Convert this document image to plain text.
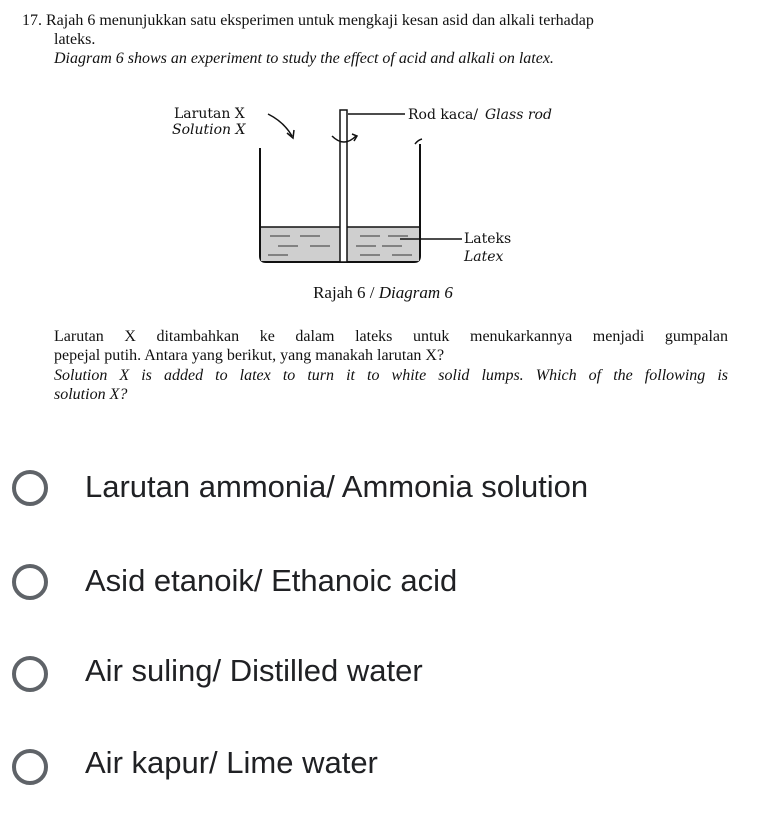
17. Rajah 6 menunjukkan satu eksperimen untuk mengkaji kesan asid dan alkali terhadap
lateks.
Diagram 6 shows an experiment to study the effect of acid and alkali on latex.
Larutan X
Solution X
Rod kaca/ Glass rod
Lateks
Latex
Rajah 6 / Diagram 6
Larutan X ditambahkan ke dalam lateks untuk menukarkannya menjadi gumpalan
pepejal putih. Antara yang berikut, yang manakah larutan X?
Solution X is added to latex to turn it to white solid lumps. Which of the following is
solution X?
Larutan ammonia/ Ammonia solution
Asid etanoik/ Ethanoic acid
Air suling/ Distilled water
Air kapur/ Lime water
